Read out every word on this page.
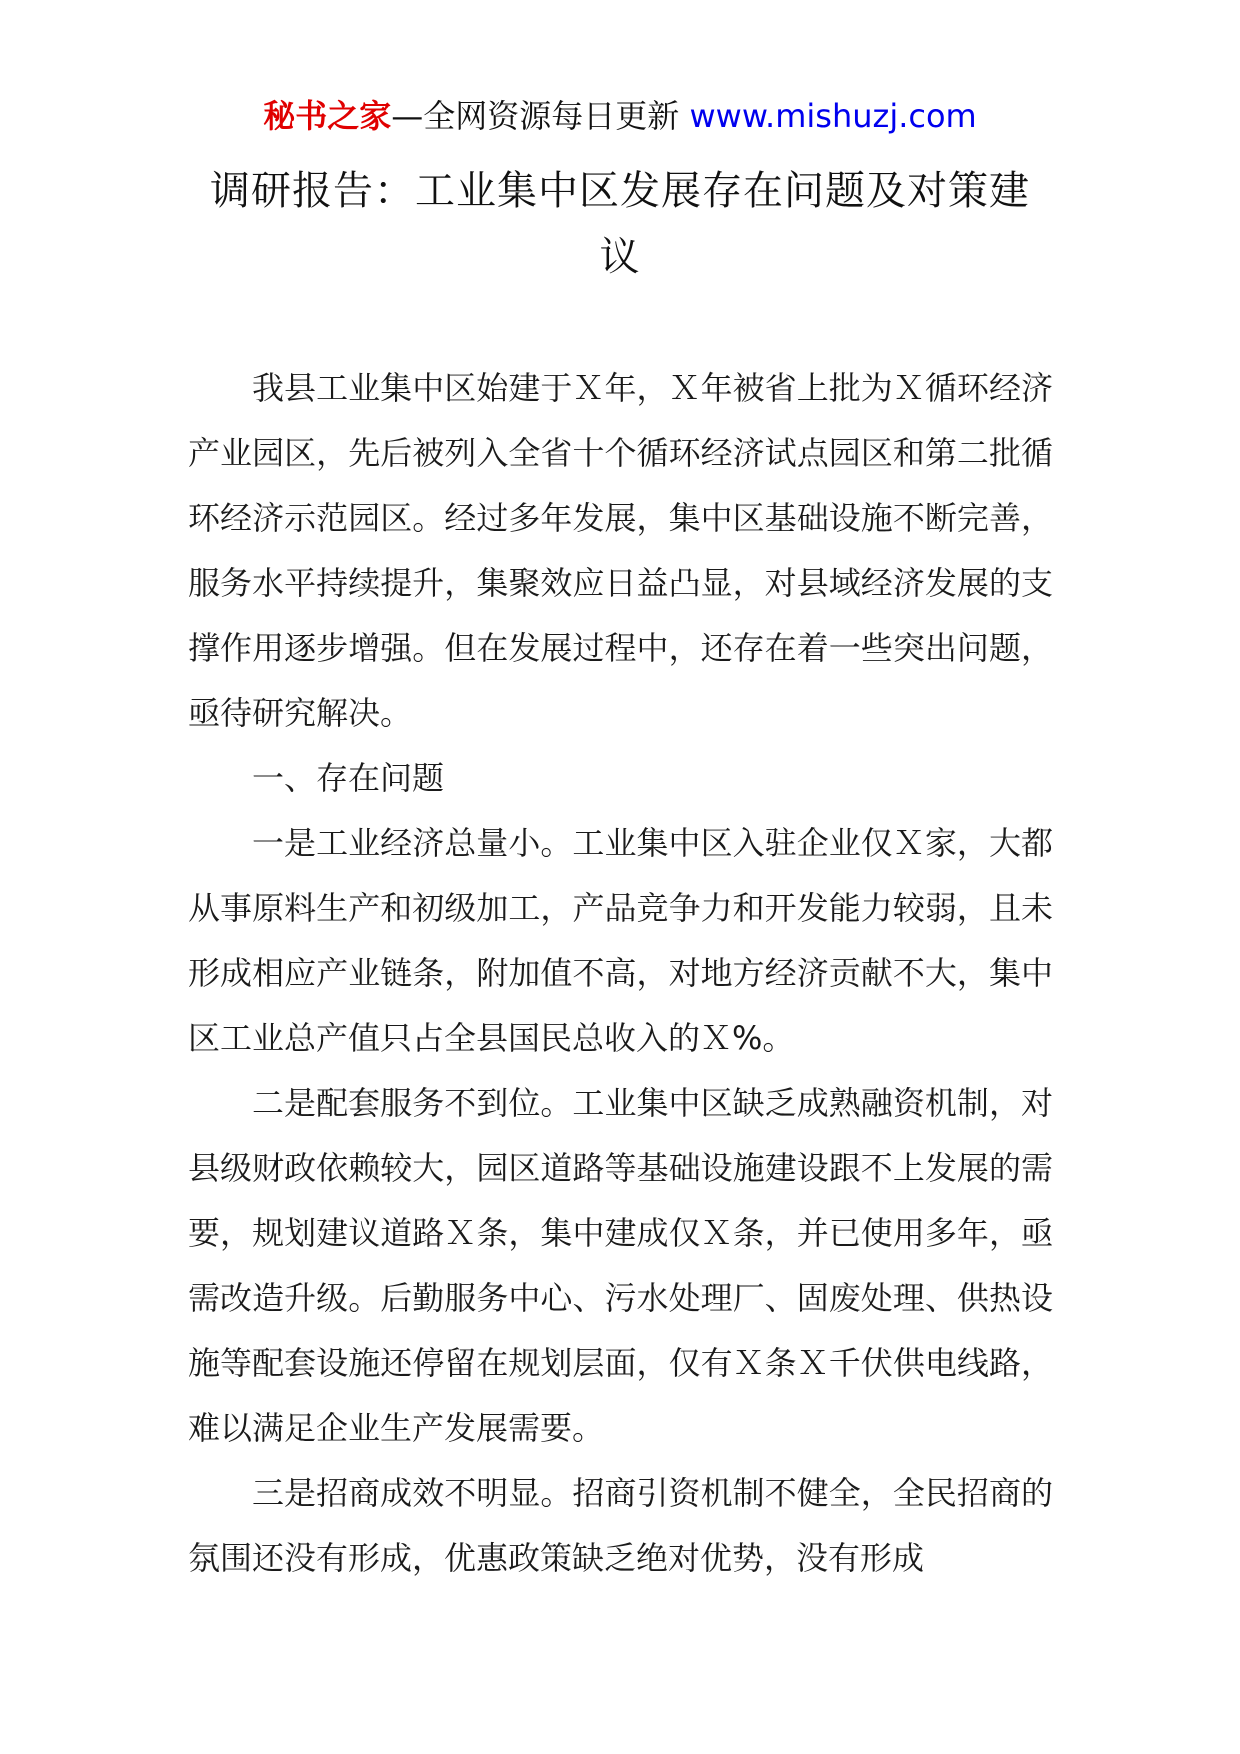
秘书之家—全网资源每日更新 www.mishuzj.com
调研报告：工业集中区发展存在问题及对策建议

我县工业集中区始建于Ｘ年，Ｘ年被省上批为Ｘ循环经济产业园区，先后被列入全省十个循环经济试点园区和第二批循环经济示范园区。经过多年发展，集中区基础设施不断完善，服务水平持续提升，集聚效应日益凸显，对县域经济发展的支撑作用逐步增强。但在发展过程中，还存在着一些突出问题，亟待研究解决。

一、存在问题

一是工业经济总量小。工业集中区入驻企业仅Ｘ家，大都从事原料生产和初级加工，产品竞争力和开发能力较弱，且未形成相应产业链条，附加值不高，对地方经济贡献不大，集中区工业总产值只占全县国民总收入的Ｘ%。

二是配套服务不到位。工业集中区缺乏成熟融资机制，对县级财政依赖较大，园区道路等基础设施建设跟不上发展的需要，规划建议道路Ｘ条，集中建成仅Ｘ条，并已使用多年，亟需改造升级。后勤服务中心、污水处理厂、固废处理、供热设施等配套设施还停留在规划层面，仅有Ｘ条Ｘ千伏供电线路，难以满足企业生产发展需要。

三是招商成效不明显。招商引资机制不健全，全民招商的氛围还没有形成，优惠政策缺乏绝对优势，没有形成
